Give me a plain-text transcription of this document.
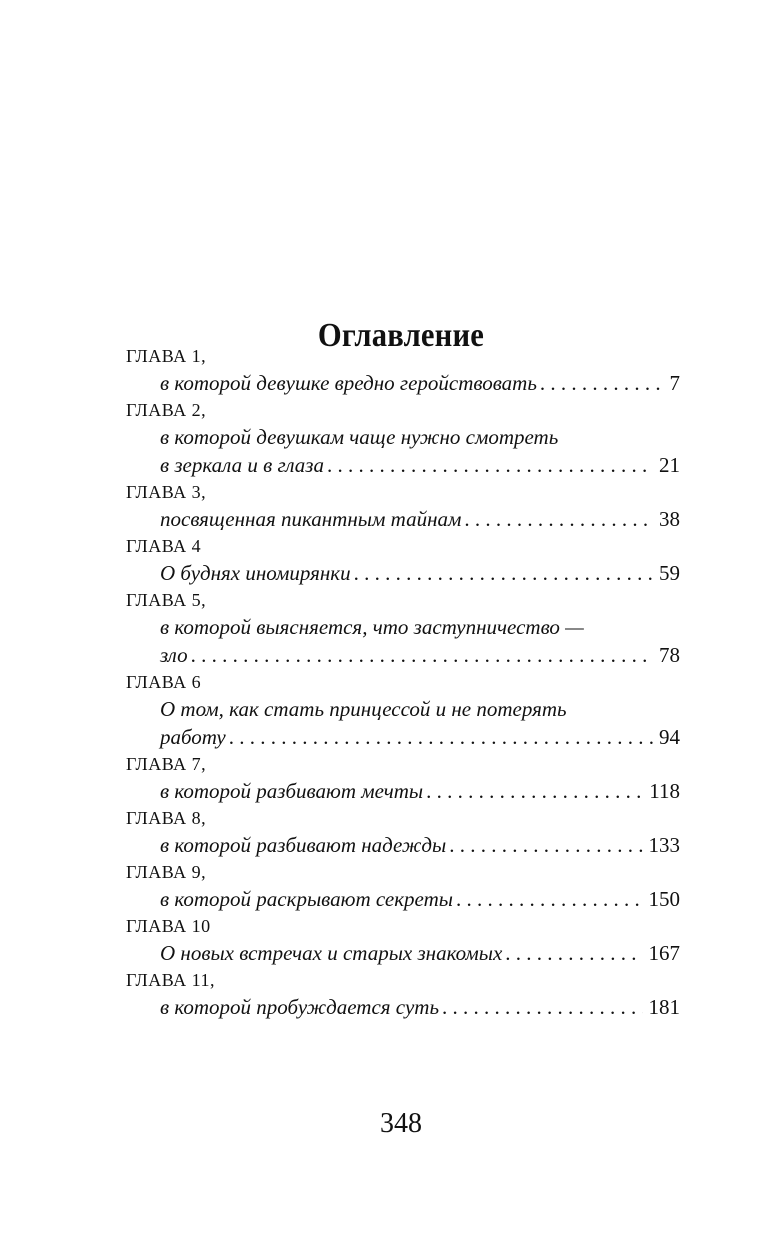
Оглавление
ГЛАВА 1,
в которой девушке вредно геройствовать . . .	7
ГЛАВА 2,
в которой девушкам чаще нужно смотреть
в зеркала и в глаза . . .	21
ГЛАВА 3,
посвященная пикантным тайнам . . .	38
ГЛАВА 4
О буднях иномирянки . . .	59
ГЛАВА 5,
в которой выясняется, что заступничество —
зло . . .	78
ГЛАВА 6
О том, как стать принцессой и не потерять
работу . . .	94
ГЛАВА 7,
в которой разбивают мечты . . .	118
ГЛАВА 8,
в которой разбивают надежды . . .	133
ГЛАВА 9,
в которой раскрывают секреты . . .	150
ГЛАВА 10
О новых встречах и старых знакомых . . .	167
ГЛАВА 11,
в которой пробуждается суть . . .	181
348
